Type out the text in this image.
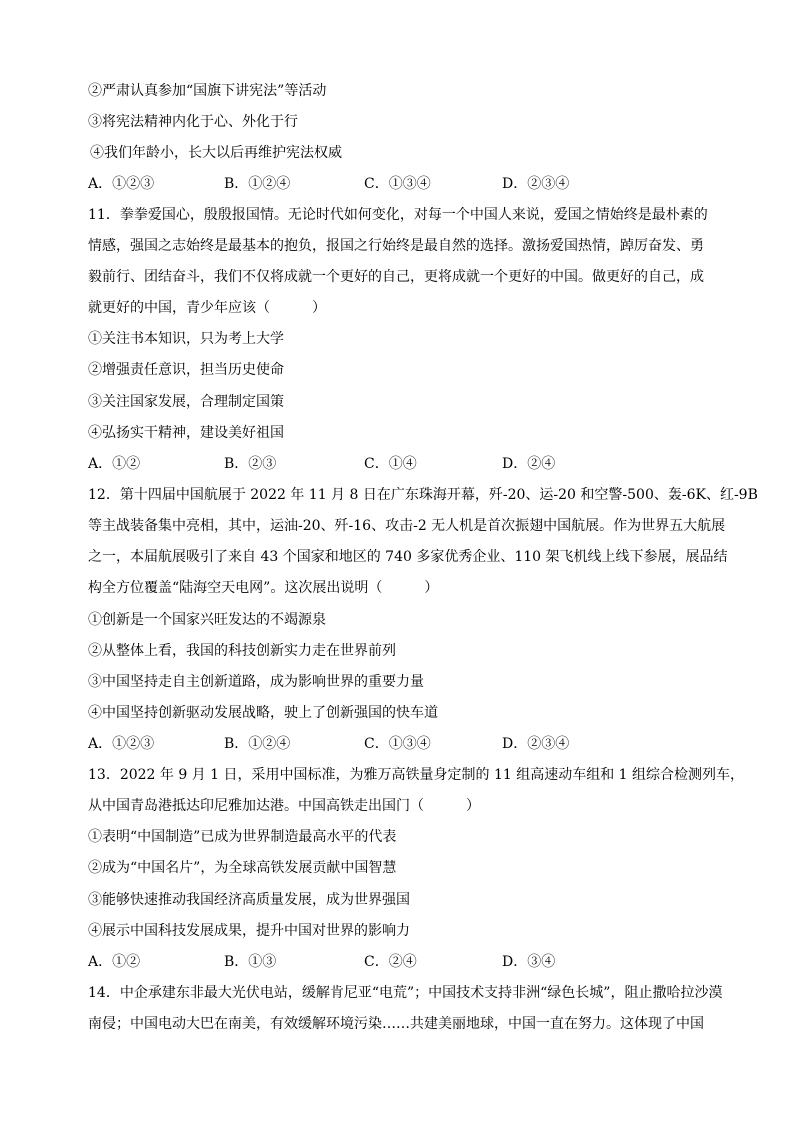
②严肃认真参加“国旗下讲宪法”等活动
③将宪法精神内化于心、外化于行
④我们年龄小，长大以后再维护宪法权威
A．①②③	B．①②④	C．①③④	D．②③④
11．拳拳爱国心，殷殷报国情。无论时代如何变化，对每一个中国人来说，爱国之情始终是最朴素的
情感，强国之志始终是最基本的抱负，报国之行始终是最自然的选择。激扬爱国热情，踔厉奋发、勇
毅前行、团结奋斗，我们不仅将成就一个更好的自己，更将成就一个更好的中国。做更好的自己，成
就更好的中国，青少年应该（　　　）
①关注书本知识，只为考上大学
②增强责任意识，担当历史使命
③关注国家发展，合理制定国策
④弘扬实干精神，建设美好祖国
A．①②	B．②③	C．①④	D．②④
12．第十四届中国航展于 2022 年 11 月 8 日在广东珠海开幕，歼-20、运-20 和空警-500、轰-6K、红-9B
等主战装备集中亮相，其中，运油-20、歼-16、攻击-2 无人机是首次振翅中国航展。作为世界五大航展
之一，本届航展吸引了来自 43 个国家和地区的 740 多家优秀企业、110 架飞机线上线下参展，展品结
构全方位覆盖“陆海空天电网”。这次展出说明（　　　）
①创新是一个国家兴旺发达的不竭源泉
②从整体上看，我国的科技创新实力走在世界前列
③中国坚持走自主创新道路，成为影响世界的重要力量
④中国坚持创新驱动发展战略，驶上了创新强国的快车道
A．①②③	B．①②④	C．①③④	D．②③④
13．2022 年 9 月 1 日，采用中国标准，为雅万高铁量身定制的 11 组高速动车组和 1 组综合检测列车，
从中国青岛港抵达印尼雅加达港。中国高铁走出国门（　　　）
①表明“中国制造”已成为世界制造最高水平的代表
②成为“中国名片”，为全球高铁发展贡献中国智慧
③能够快速推动我国经济高质量发展，成为世界强国
④展示中国科技发展成果，提升中国对世界的影响力
A．①②	B．①③	C．②④	D．③④
14．中企承建东非最大光伏电站，缓解肯尼亚“电荒”；中国技术支持非洲“绿色长城”，阻止撒哈拉沙漠
南侵；中国电动大巴在南美，有效缓解环境污染……共建美丽地球，中国一直在努力。这体现了中国
